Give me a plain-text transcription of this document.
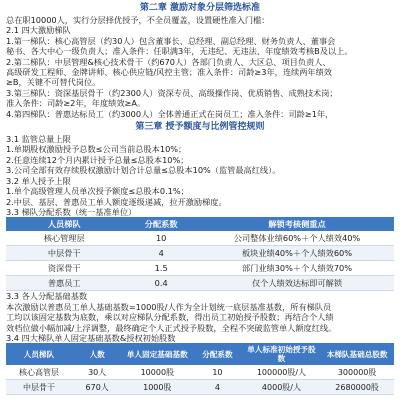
第二章 激励对象分层筛选标准
总在职10000人，实行分层择优授予，不全员覆盖，设置硬性准入门槛：
2.1 四大激励梯队
1.第一梯队：核心高管层（约30人）包含董事长、总经理、副总经理、财务负责人、董事会
秘书、各大中心一级负责人；准入条件：任职满3年，无违纪、无违法、年度绩效考核B及以上。
2.第二梯队：中层管理&核心技术骨干（约670人）各部门负责人、大区总、项目负责人、
高级研发工程师、金牌讲师、核心供应链/风控主管；准入条件：司龄≥3年，连续两年绩效
≥B，关键不可替代岗位。
3.第三梯队：资深基层骨干（约2300人）资深专员、高级操作岗、优质销售、成熟技术岗；
准入条件：司龄≥2年，年度绩效≥A。
4.第四梯队：普惠达标员工（约3000人）全体普通正式在岗员工；准入条件：司龄≥1年，
第三章 授予额度与比例管控规则
3.1 监管总量上限
1.单期股权激励授予总数≤公司当前总股本10%；
2.任意连续12个月内累计授予总量≤总股本10%；
3.公司全部有效存续股权激励计划合计总量≤总股本10%（监管最高红线）。
3.2 单人授予上限
1.单个高级管理人员单次授予额度≤总股本0.1%；
2.中层、基层、普惠员工单人额度逐级递减，拉开激励梯度。
3.3 梯队分配系数（统一基准单位）
人员梯队	分配系数	解锁考核侧重点
核心管理层	10	公司整体业绩60%＋个人绩效40%
中层骨干	4	板块业绩40%＋个人绩效60%
资深骨干	1.5	部门业绩30%＋个人绩效70%
普惠员工	0.4	仅个人绩效达标即可解锁
3.3 各人分配基础基数
本次激励以普惠员工单人基础基数=1000股/人作为全计划统一底层基准基数，所有梯队员
工均以该固定基数为底数，乘以对应梯队分配系数，得出员工初始授予股数；再结合个人绩
效档位做小幅加减/上浮调整，最终确定个人正式授予股数，全程不突破监管单人额度红线。
3.4 四大梯队单人固定基础基数&授权初始股数
人员梯队	人数	单人固定基础基数	分配系数	单人标准初始授予股数	本梯队基础总股数
核心高管层	30人	10000股	10	100000股/人	300000股
中层骨干	670人	1000股	4	4000股/人	2680000股
